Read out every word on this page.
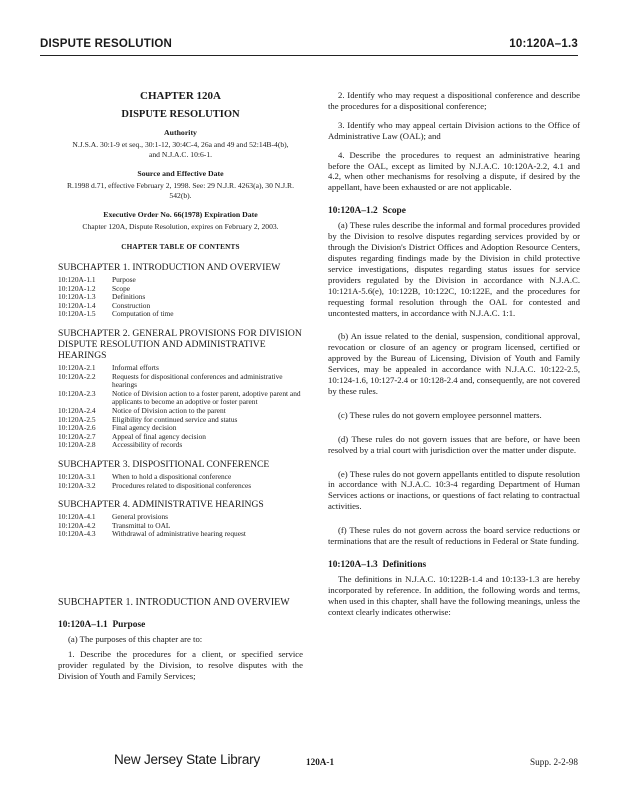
DISPUTE RESOLUTION	10:120A–1.3

CHAPTER 120A

DISPUTE RESOLUTION

Authority

N.J.S.A. 30:1-9 et seq., 30:1-12, 30:4C-4, 26a and 49 and 52:14B-4(b), and N.J.A.C. 10:6-1.

Source and Effective Date

R.1998 d.71, effective February 2, 1998. See: 29 N.J.R. 4263(a), 30 N.J.R. 542(b).

Executive Order No. 66(1978) Expiration Date

Chapter 120A, Dispute Resolution, expires on February 2, 2003.

CHAPTER TABLE OF CONTENTS

SUBCHAPTER 1. INTRODUCTION AND OVERVIEW

10:120A-1.1	Purpose
10:120A-1.2	Scope
10:120A-1.3	Definitions
10:120A-1.4	Construction
10:120A-1.5	Computation of time

SUBCHAPTER 2. GENERAL PROVISIONS FOR DIVISION DISPUTE RESOLUTION AND ADMINISTRATIVE HEARINGS

10:120A-2.1	Informal efforts
10:120A-2.2	Requests for dispositional conferences and administrative hearings
10:120A-2.3	Notice of Division action to a foster parent, adoptive parent and applicants to become an adoptive or foster parent
10:120A-2.4	Notice of Division action to the parent
10:120A-2.5	Eligibility for continued service and status
10:120A-2.6	Final agency decision
10:120A-2.7	Appeal of final agency decision
10:120A-2.8	Accessibility of records

SUBCHAPTER 3. DISPOSITIONAL CONFERENCE

10:120A-3.1	When to hold a dispositional conference
10:120A-3.2	Procedures related to dispositional conferences

SUBCHAPTER 4. ADMINISTRATIVE HEARINGS

10:120A-4.1	General provisions
10:120A-4.2	Transmittal to OAL
10:120A-4.3	Withdrawal of administrative hearing request

SUBCHAPTER 1. INTRODUCTION AND OVERVIEW

10:120A–1.1 Purpose

(a) The purposes of this chapter are to:

1. Describe the procedures for a client, or specified service provider regulated by the Division, to resolve disputes with the Division of Youth and Family Services;

2. Identify who may request a dispositional conference and describe the procedures for a dispositional conference;

3. Identify who may appeal certain Division actions to the Office of Administrative Law (OAL); and

4. Describe the procedures to request an administrative hearing before the OAL, except as limited by N.J.A.C. 10:120A-2.2, 4.1 and 4.2, when other mechanisms for resolving a dispute, if desired by the appellant, have been exhausted or are not applicable.

10:120A–1.2 Scope

(a) These rules describe the informal and formal procedures provided by the Division to resolve disputes regarding services provided by or through the Division's District Offices and Adoption Resource Centers, disputes regarding findings made by the Division in child protective service investigations, disputes regarding status issues for service providers regulated by the Division in accordance with N.J.A.C. 10:121A-5.6(e), 10:122B, 10:122C, 10:122E, and the procedures for requesting formal resolution through the OAL for contested and uncontested matters, in accordance with N.J.A.C. 1:1.

(b) An issue related to the denial, suspension, conditional approval, revocation or closure of an agency or program licensed, certified or approved by the Bureau of Licensing, Division of Youth and Family Services, may be appealed in accordance with N.J.A.C. 10:122-2.5, 10:124-1.6, 10:127-2.4 or 10:128-2.4 and, consequently, are not covered by these rules.

(c) These rules do not govern employee personnel matters.

(d) These rules do not govern issues that are before, or have been resolved by a trial court with jurisdiction over the matter under dispute.

(e) These rules do not govern appellants entitled to dispute resolution in accordance with N.J.A.C. 10:3-4 regarding Department of Human Services actions or inactions, or questions of fact relating to contractual activities.

(f) These rules do not govern across the board service reductions or terminations that are the result of reductions in Federal or State funding.

10:120A–1.3 Definitions

The definitions in N.J.A.C. 10:122B-1.4 and 10:133-1.3 are hereby incorporated by reference. In addition, the following words and terms, when used in this chapter, shall have the following meanings, unless the context clearly indicates otherwise:

New Jersey State Library	120A-1	Supp. 2-2-98
